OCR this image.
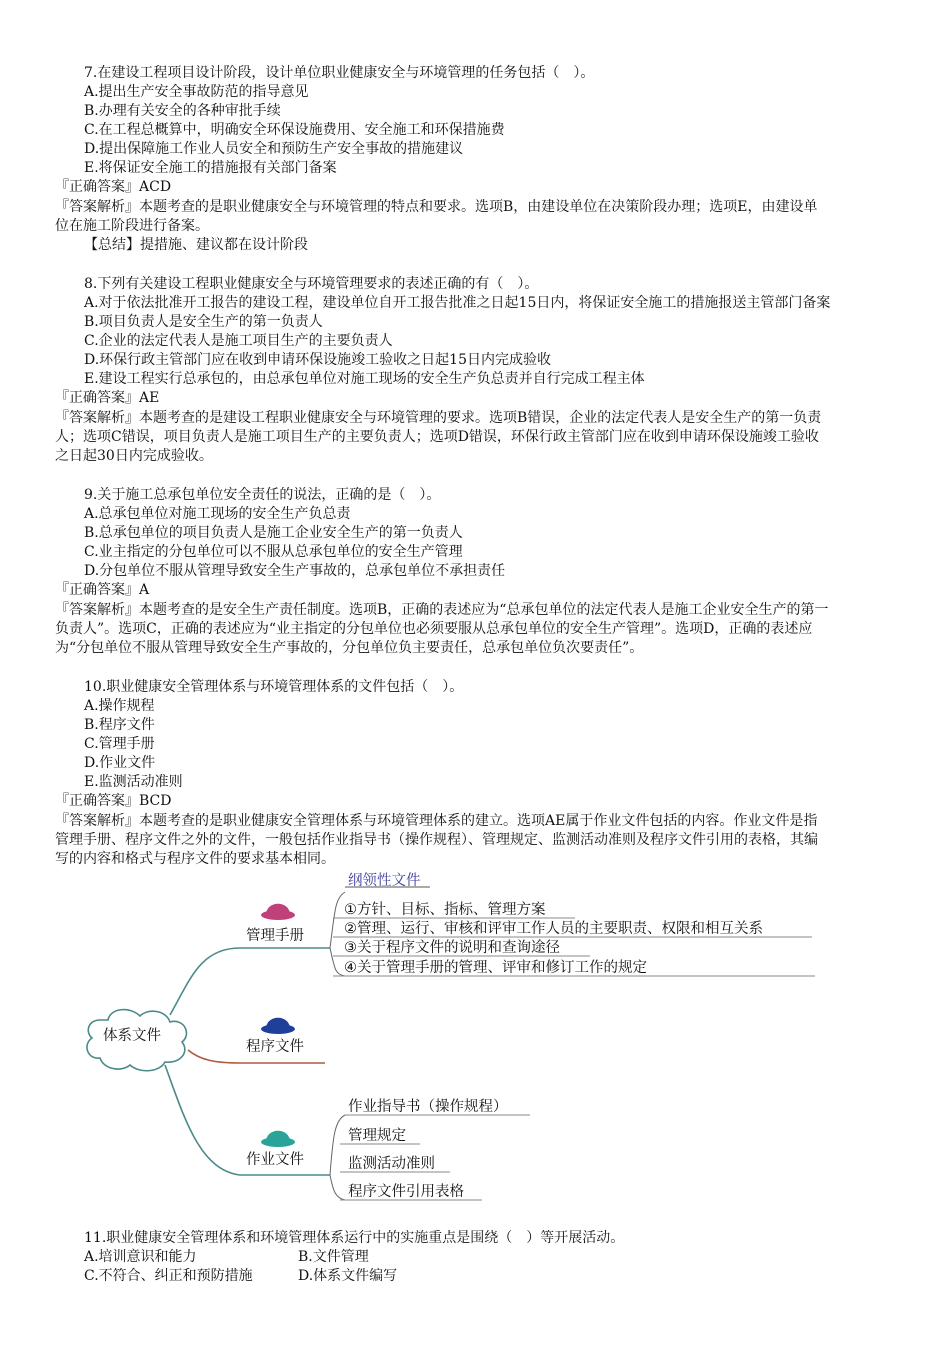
7.在建设工程项目设计阶段，设计单位职业健康安全与环境管理的任务包括（　）。
A.提出生产安全事故防范的指导意见
B.办理有关安全的各种审批手续
C.在工程总概算中，明确安全环保设施费用、安全施工和环保措施费
D.提出保障施工作业人员安全和预防生产安全事故的措施建议
E.将保证安全施工的措施报有关部门备案
『正确答案』ACD
『答案解析』本题考查的是职业健康安全与环境管理的特点和要求。选项B，由建设单位在决策阶段办理；选项E，由建设单
位在施工阶段进行备案。
【总结】提措施、建议都在设计阶段
8.下列有关建设工程职业健康安全与环境管理要求的表述正确的有（　）。
A.对于依法批准开工报告的建设工程，建设单位自开工报告批准之日起15日内，将保证安全施工的措施报送主管部门备案
B.项目负责人是安全生产的第一负责人
C.企业的法定代表人是施工项目生产的主要负责人
D.环保行政主管部门应在收到申请环保设施竣工验收之日起15日内完成验收
E.建设工程实行总承包的，由总承包单位对施工现场的安全生产负总责并自行完成工程主体
『正确答案』AE
『答案解析』本题考查的是建设工程职业健康安全与环境管理的要求。选项B错误，企业的法定代表人是安全生产的第一负责
人；选项C错误，项目负责人是施工项目生产的主要负责人；选项D错误，环保行政主管部门应在收到申请环保设施竣工验收
之日起30日内完成验收。
9.关于施工总承包单位安全责任的说法，正确的是（　）。
A.总承包单位对施工现场的安全生产负总责
B.总承包单位的项目负责人是施工企业安全生产的第一负责人
C.业主指定的分包单位可以不服从总承包单位的安全生产管理
D.分包单位不服从管理导致安全生产事故的，总承包单位不承担责任
『正确答案』A
『答案解析』本题考查的是安全生产责任制度。选项B，正确的表述应为“总承包单位的法定代表人是施工企业安全生产的第一
负责人”。选项C，正确的表述应为“业主指定的分包单位也必须要服从总承包单位的安全生产管理”。选项D，正确的表述应
为“分包单位不服从管理导致安全生产事故的，分包单位负主要责任，总承包单位负次要责任”。
10.职业健康安全管理体系与环境管理体系的文件包括（　）。
A.操作规程
B.程序文件
C.管理手册
D.作业文件
E.监测活动准则
『正确答案』BCD
『答案解析』本题考查的是职业健康安全管理体系与环境管理体系的建立。选项AE属于作业文件包括的内容。作业文件是指
管理手册、程序文件之外的文件，一般包括作业指导书（操作规程）、管理规定、监测活动准则及程序文件引用的表格，其编
写的内容和格式与程序文件的要求基本相同。
体系文件
管理手册
程序文件
作业文件
纲领性文件
①方针、目标、指标、管理方案
②管理、运行、审核和评审工作人员的主要职责、权限和相互关系
③关于程序文件的说明和查询途径
④关于管理手册的管理、评审和修订工作的规定
作业指导书（操作规程）
管理规定
监测活动准则
程序文件引用表格
11.职业健康安全管理体系和环境管理体系运行中的实施重点是围绕（　）等开展活动。
A.培训意识和能力	B.文件管理
C.不符合、纠正和预防措施	D.体系文件编写
